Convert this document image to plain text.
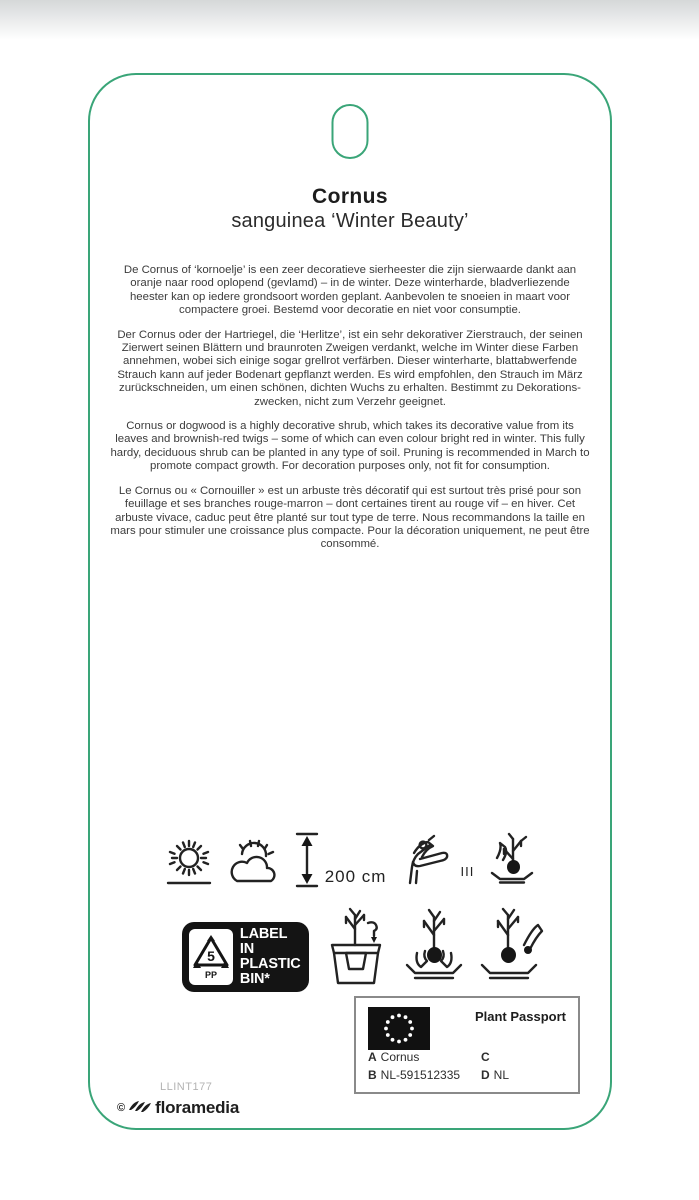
Cornus
sanguinea ‘Winter Beauty’

De Cornus of ‘kornoelje’ is een zeer decoratieve sierheester die zijn sierwaarde dankt aan oranje naar rood oplopend (gevlamd) – in de winter. Deze winterharde, bladverliezende heester kan op iedere grondsoort worden geplant. Aanbevolen te snoeien in maart voor compactere groei. Bestemd voor decoratie en niet voor consumptie.

Der Cornus oder der Hartriegel, die ‘Herlitze’, ist ein sehr dekorativer Zierstrauch, der seinen Zierwert seinen Blättern und braunroten Zweigen verdankt, welche im Winter diese Farben annehmen, wobei sich einige sogar grellrot verfärben. Dieser winterharte, blattabwerfende Strauch kann auf jeder Bodenart gepflanzt werden. Es wird empfohlen, den Strauch im März zurückschneiden, um einen schönen, dichten Wuchs zu erhalten. Bestimmt zu Dekorations- zwecken, nicht zum Verzehr geeignet.

Cornus or dogwood is a highly decorative shrub, which takes its decorative value from its leaves and brownish-red twigs – some of which can even colour bright red in winter. This fully hardy, deciduous shrub can be planted in any type of soil. Pruning is recommended in March to promote compact growth. For decoration purposes only, not fit for consumption.

Le Cornus ou « Cornouiller » est un arbuste très décoratif qui est surtout très prisé pour son feuillage et ses branches rouge-marron – dont certaines tirent au rouge vif – en hiver. Cet arbuste vivace, caduc peut être planté sur tout type de terre. Nous recommandons la taille en mars pour stimuler une croissance plus compacte. Pour la décoration uniquement, ne peut être consommé.

200 cm	III
5
PP
LABEL IN
PLASTIC
BIN*
Plant Passport
A Cornus	C
B NL-591512335 D NL
LLINT177
© floramedia
